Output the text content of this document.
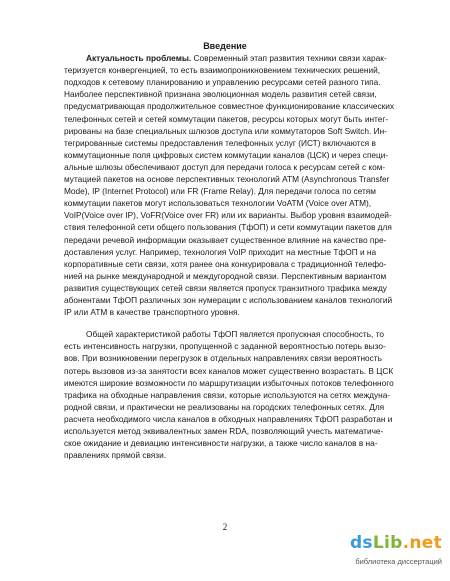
Введение
Актуальность проблемы. Современный этап развития техники связи харак-
теризуется конвергенцией, то есть взаимопроникновением технических решений,
подходов к сетевому планированию и управлению ресурсами сетей разного типа.
Наиболее перспективной признана эволюционная модель развития сетей связи,
предусматривающая продолжительное совместное функционирование классических
телефонных сетей и сетей коммутации пакетов, ресурсы которых могут быть интег-
рированы на базе специальных шлюзов доступа или коммутаторов Soft Switch. Ин-
тегрированные системы предоставления телефонных услуг (ИСТ) включаются в
коммутационные поля цифровых систем коммутации каналов (ЦСК) и через специ-
альные шлюзы обеспечивают доступ для передачи голоса к ресурсам сетей с ком-
мутацией пакетов на основе перспективных технологий ATM (Asynchronous Transfer
Mode), IP (Internet Protocol) или FR (Frame Relay). Для передачи голоса по сетям
коммутации пакетов могут использоваться технологии VoATM (Voice over ATM),
VoIP(Voice over IP), VoFR(Voice over FR) или их варианты. Выбор уровня взаимодей-
ствия телефонной сети общего пользования (ТфОП) и сети коммутации пакетов для
передачи речевой информации оказывает существенное влияние на качество пре-
доставления услуг. Например, технология VoIP приходит на местные ТфОП и на
корпоративные сети связи, хотя ранее она конкурировала с традиционной телефо-
нией на рынке международной и междугородной связи. Перспективным вариантом
развития существующих сетей связи является пропуск транзитного трафика между
абонентами ТфОП различных зон нумерации с использованием каналов технологий
IP или ATM в качестве транспортного уровня.
Общей характеристикой работы ТфОП является пропускная способность, то
есть интенсивность нагрузки, пропущенной с заданной вероятностью потерь вызо-
вов. При возникновении перегрузок в отдельных направлениях связи вероятность
потерь вызовов из-за занятости всех каналов может существенно возрастать. В ЦСК
имеются широкие возможности по маршрутизации избыточных потоков телефонного
трафика на обходные направления связи, которые используются на сетях междуна-
родной связи, и практически не реализованы на городских телефонных сетях. Для
расчета необходимого числа каналов в обходных направлениях ТфОП разработан и
используется метод эквивалентных замен RDA, позволяющий учесть математиче-
ское ожидание и девиацию интенсивности нагрузки, а также число каналов в на-
правлениях прямой связи.
2
dsLib.net
библиотека диссертаций
